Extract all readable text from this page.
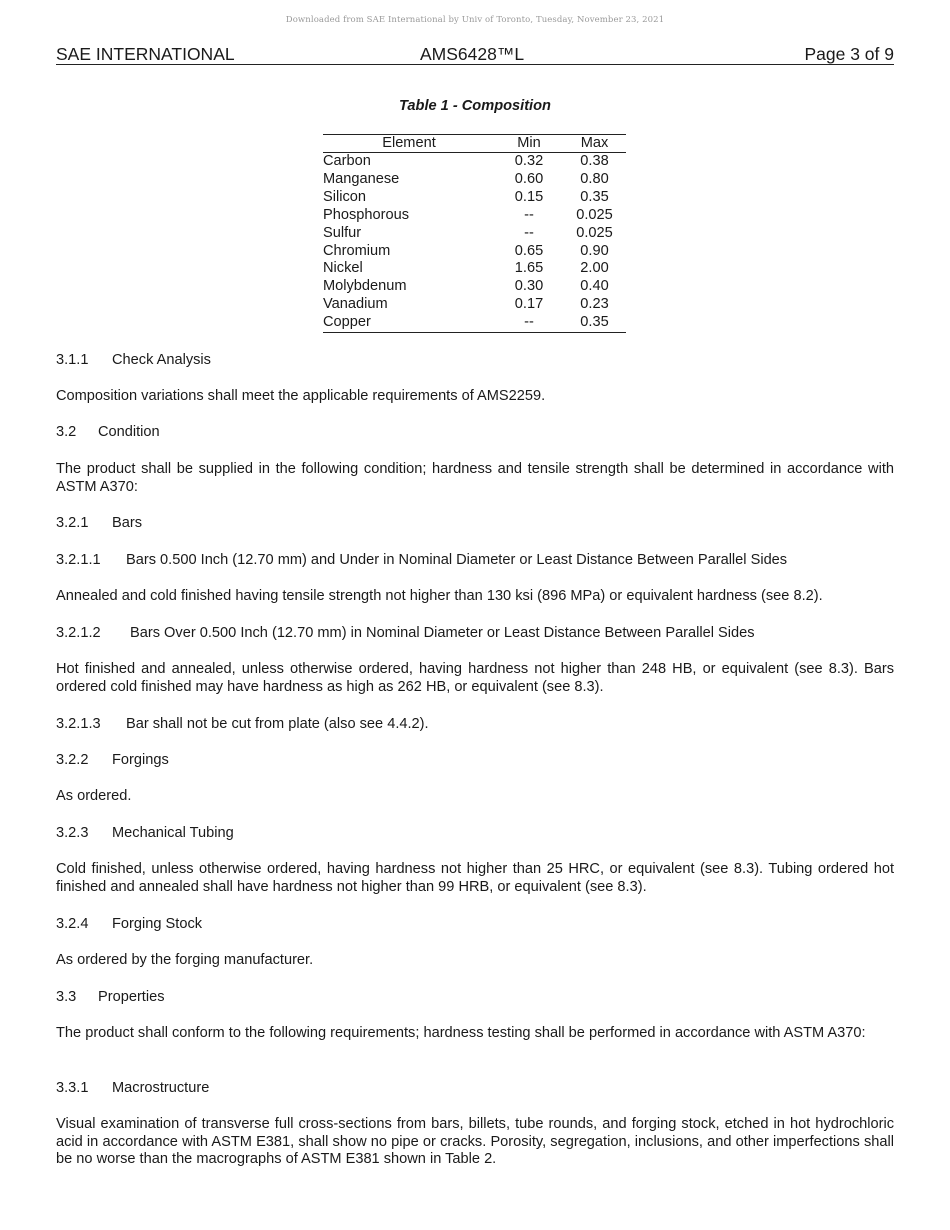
Downloaded from SAE International by Univ of Toronto, Tuesday, November 23, 2021
SAE INTERNATIONAL	AMS6428™L	Page 3 of 9
Table 1 - Composition
Element	Min	Max
Carbon	0.32	0.38
Manganese	0.60	0.80
Silicon	0.15	0.35
Phosphorous	--	0.025
Sulfur	--	0.025
Chromium	0.65	0.90
Nickel	1.65	2.00
Molybdenum	0.30	0.40
Vanadium	0.17	0.23
Copper	--	0.35

3.1.1 Check Analysis

Composition variations shall meet the applicable requirements of AMS2259.

3.2 Condition

The product shall be supplied in the following condition; hardness and tensile strength shall be determined in accordance with ASTM A370:

3.2.1 Bars

3.2.1.1 Bars 0.500 Inch (12.70 mm) and Under in Nominal Diameter or Least Distance Between Parallel Sides

Annealed and cold finished having tensile strength not higher than 130 ksi (896 MPa) or equivalent hardness (see 8.2).

3.2.1.2 Bars Over 0.500 Inch (12.70 mm) in Nominal Diameter or Least Distance Between Parallel Sides

Hot finished and annealed, unless otherwise ordered, having hardness not higher than 248 HB, or equivalent (see 8.3). Bars ordered cold finished may have hardness as high as 262 HB, or equivalent (see 8.3).

3.2.1.3 Bar shall not be cut from plate (also see 4.4.2).

3.2.2 Forgings

As ordered.

3.2.3 Mechanical Tubing

Cold finished, unless otherwise ordered, having hardness not higher than 25 HRC, or equivalent (see 8.3). Tubing ordered hot finished and annealed shall have hardness not higher than 99 HRB, or equivalent (see 8.3).

3.2.4 Forging Stock

As ordered by the forging manufacturer.

3.3 Properties

The product shall conform to the following requirements; hardness testing shall be performed in accordance with ASTM A370:

3.3.1 Macrostructure

Visual examination of transverse full cross-sections from bars, billets, tube rounds, and forging stock, etched in hot hydrochloric acid in accordance with ASTM E381, shall show no pipe or cracks. Porosity, segregation, inclusions, and other imperfections shall be no worse than the macrographs of ASTM E381 shown in Table 2.
